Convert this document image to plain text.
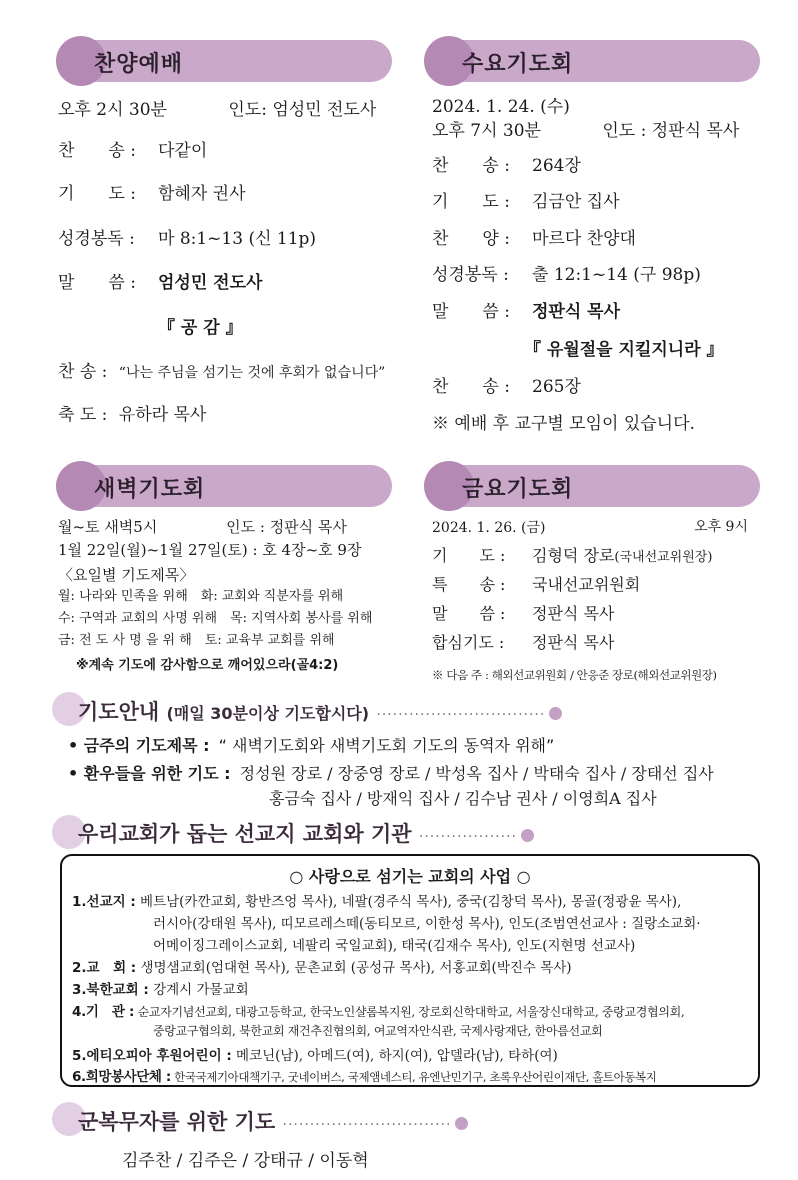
찬양예배
오후 2시 30분	인도: 엄성민 전도사
찬　　송 : 다같이
기　　도 : 함혜자 권사
성경봉독 : 마 8:1~13 (신 11p)
말　　씀 : 엄성민 전도사
『 공 감 』
찬 송 : “나는 주님을 섬기는 것에 후회가 없습니다”
축 도 : 유하라 목사
수요기도회
2024. 1. 24. (수)
오후 7시 30분	인도 : 정판식 목사
찬　　송 : 264장
기　　도 : 김금안 집사
찬　　양 : 마르다 찬양대
성경봉독 : 출 12:1~14 (구 98p)
말　　씀 : 정판식 목사
『 유월절을 지킬지니라 』
찬　　송 : 265장
※ 예배 후 교구별 모임이 있습니다.
새벽기도회
월~토 새벽5시	인도 : 정판식 목사
1월 22일(월)~1월 27일(토) : 호 4장~호 9장
〈요일별 기도제목〉
월: 나라와 민족을 위해　화: 교회와 직분자를 위해
수: 구역과 교회의 사명 위해　목: 지역사회 봉사를 위해
금: 전 도 사 명 을 위 해　토: 교육부 교회를 위해
※계속 기도에 감사함으로 깨어있으라(골4:2)
금요기도회
2024. 1. 26. (금)	오후 9시
기　　도 : 김형덕 장로(국내선교위원장)
특　　송 : 국내선교위원회
말　　씀 : 정판식 목사
합심기도 : 정판식 목사
※ 다음 주 : 해외선교위원회 / 안응준 장로(해외선교위원장)
기도안내 (매일 30분이상 기도합시다) ·······························
• 금주의 기도제목 : “ 새벽기도회와 새벽기도회 기도의 동역자 위해”
• 환우들을 위한 기도 : 정성원 장로 / 장중영 장로 / 박성옥 집사 / 박태숙 집사 / 장태선 집사
홍금숙 집사 / 방재익 집사 / 김수남 권사 / 이영희A 집사
우리교회가 돕는 선교지 교회와 기관 ··················
○ 사랑으로 섬기는 교회의 사업 ○
1.선교지 : 베트남(카깐교회, 황반즈엉 목사), 네팔(경주식 목사), 중국(김창덕 목사), 몽골(정광윤 목사),
러시아(강태원 목사), 띠모르레스떼(동티모르, 이한성 목사), 인도(조범연선교사 : 질랑소교회·
어메이징그레이스교회, 네팔리 국일교회), 태국(김재수 목사), 인도(지현명 선교사)
2.교　회 : 생명샘교회(엄대현 목사), 문촌교회 (공성규 목사), 서홍교회(박진수 목사)
3.북한교회 : 강계시 가물교회
4.기　관 : 순교자기념선교회, 대광고등학교, 한국노인샬롬복지원, 장로회신학대학교, 서울장신대학교, 중랑교경협의회,
중랑교구협의회, 북한교회 재건추진협의회, 여교역자안식관, 국제사랑재단, 한아름선교회
5.에티오피아 후원어린이 : 메코닌(남), 아메드(여), 하지(여), 압델라(남), 타하(여)
6.희망봉사단체 : 한국국제기아대책기구, 굿네이버스, 국제앰네스티, 유엔난민기구, 초록우산어린이재단, 홀트아동복지
군복무자를 위한 기도 ·······························
김주찬 / 김주은 / 강태규 / 이동혁
